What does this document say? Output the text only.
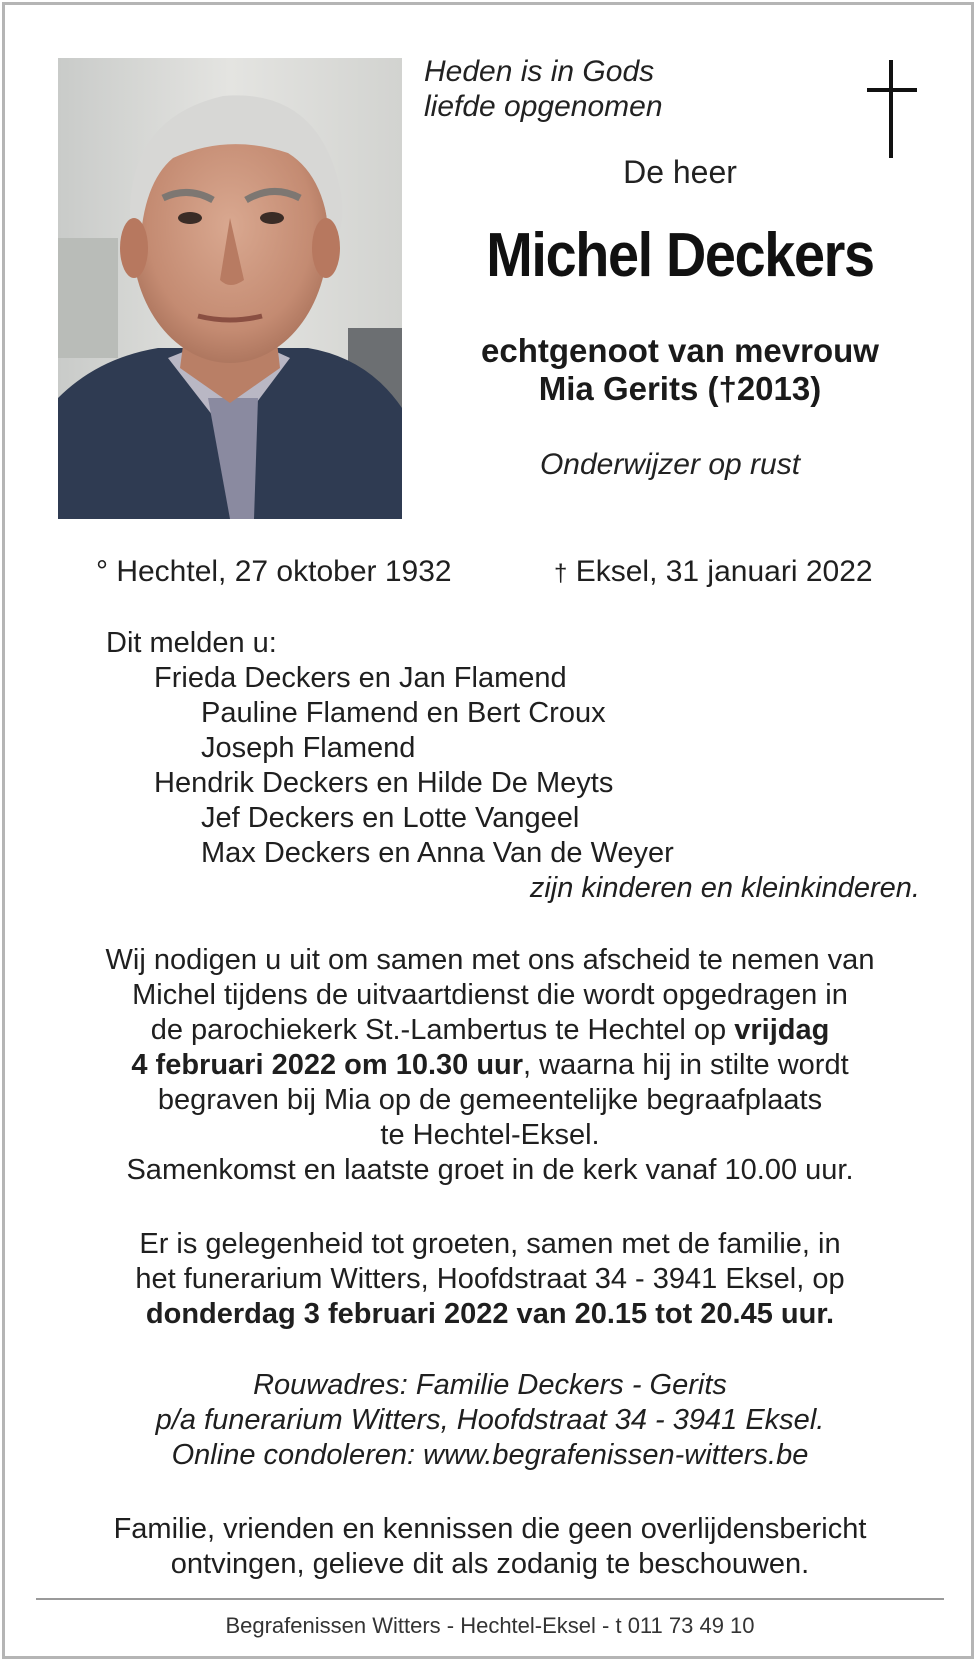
Heden is in Gods
liefde opgenomen
De heer
Michel Deckers
echtgenoot van mevrouw
Mia Gerits (†2013)
Onderwijzer op rust
° Hechtel, 27 oktober 1932	† Eksel, 31 januari 2022
Dit melden u:
Frieda Deckers en Jan Flamend
Pauline Flamend en Bert Croux
Joseph Flamend
Hendrik Deckers en Hilde De Meyts
Jef Deckers en Lotte Vangeel
Max Deckers en Anna Van de Weyer
zijn kinderen en kleinkinderen.
Wij nodigen u uit om samen met ons afscheid te nemen van
Michel tijdens de uitvaartdienst die wordt opgedragen in
de parochiekerk St.-Lambertus te Hechtel op vrijdag
4 februari 2022 om 10.30 uur, waarna hij in stilte wordt
begraven bij Mia op de gemeentelijke begraafplaats
te Hechtel-Eksel.
Samenkomst en laatste groet in de kerk vanaf 10.00 uur.
Er is gelegenheid tot groeten, samen met de familie, in
het funerarium Witters, Hoofdstraat 34 - 3941 Eksel, op
donderdag 3 februari 2022 van 20.15 tot 20.45 uur.
Rouwadres: Familie Deckers - Gerits
p/a funerarium Witters, Hoofdstraat 34 - 3941 Eksel.
Online condoleren: www.begrafenissen-witters.be
Familie, vrienden en kennissen die geen overlijdensbericht
ontvingen, gelieve dit als zodanig te beschouwen.
Begrafenissen Witters - Hechtel-Eksel - t 011 73 49 10
